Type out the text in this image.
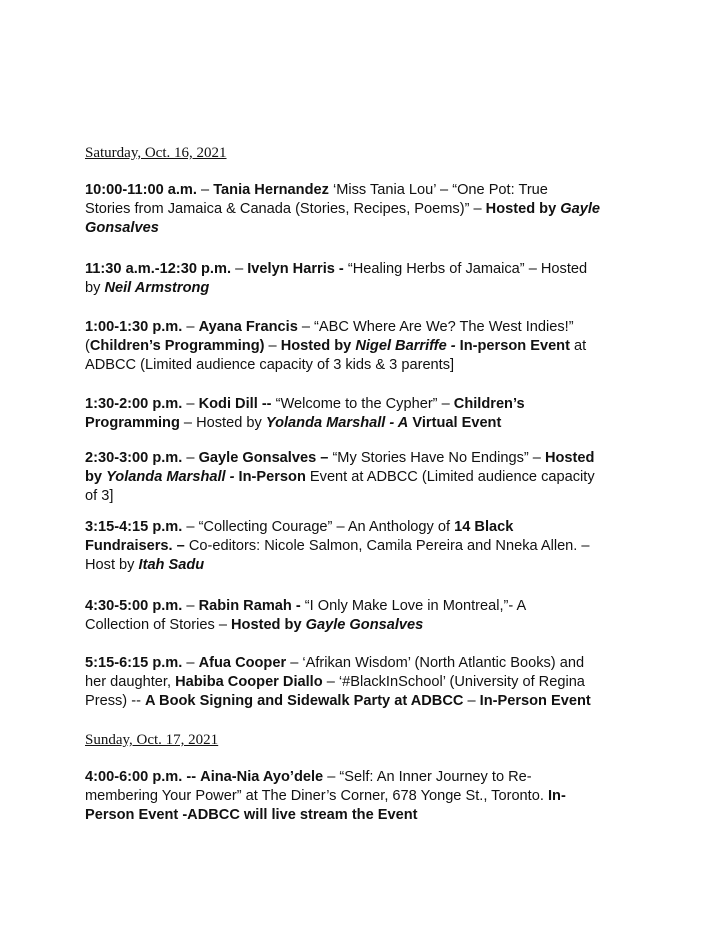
Saturday, Oct. 16, 2021
10:00-11:00 a.m. – Tania Hernandez ‘Miss Tania Lou’ – “One Pot: True
Stories from Jamaica & Canada (Stories, Recipes, Poems)” – Hosted by Gayle
Gonsalves
11:30 a.m.-12:30 p.m. – Ivelyn Harris - “Healing Herbs of Jamaica” – Hosted
by Neil Armstrong
1:00-1:30 p.m. – Ayana Francis – “ABC Where Are We? The West Indies!”
(Children’s Programming) – Hosted by Nigel Barriffe - In-person Event at
ADBCC (Limited audience capacity of 3 kids & 3 parents]
1:30-2:00 p.m. – Kodi Dill -- “Welcome to the Cypher” – Children’s
Programming – Hosted by Yolanda Marshall - A Virtual Event
2:30-3:00 p.m. – Gayle Gonsalves – “My Stories Have No Endings” – Hosted
by Yolanda Marshall - In-Person Event at ADBCC (Limited audience capacity
of 3]
3:15-4:15 p.m. – “Collecting Courage” – An Anthology of 14 Black
Fundraisers. – Co-editors: Nicole Salmon, Camila Pereira and Nneka Allen. –
Host by Itah Sadu
4:30-5:00 p.m. – Rabin Ramah - “I Only Make Love in Montreal,”- A
Collection of Stories – Hosted by Gayle Gonsalves
5:15-6:15 p.m. – Afua Cooper – ‘Afrikan Wisdom’ (North Atlantic Books) and
her daughter, Habiba Cooper Diallo – ‘#BlackInSchool’ (University of Regina
Press) -- A Book Signing and Sidewalk Party at ADBCC – In-Person Event
Sunday, Oct. 17, 2021
4:00-6:00 p.m. -- Aina-Nia Ayo’dele – “Self: An Inner Journey to Re-
membering Your Power” at The Diner’s Corner, 678 Yonge St., Toronto. In-
Person Event -ADBCC will live stream the Event
